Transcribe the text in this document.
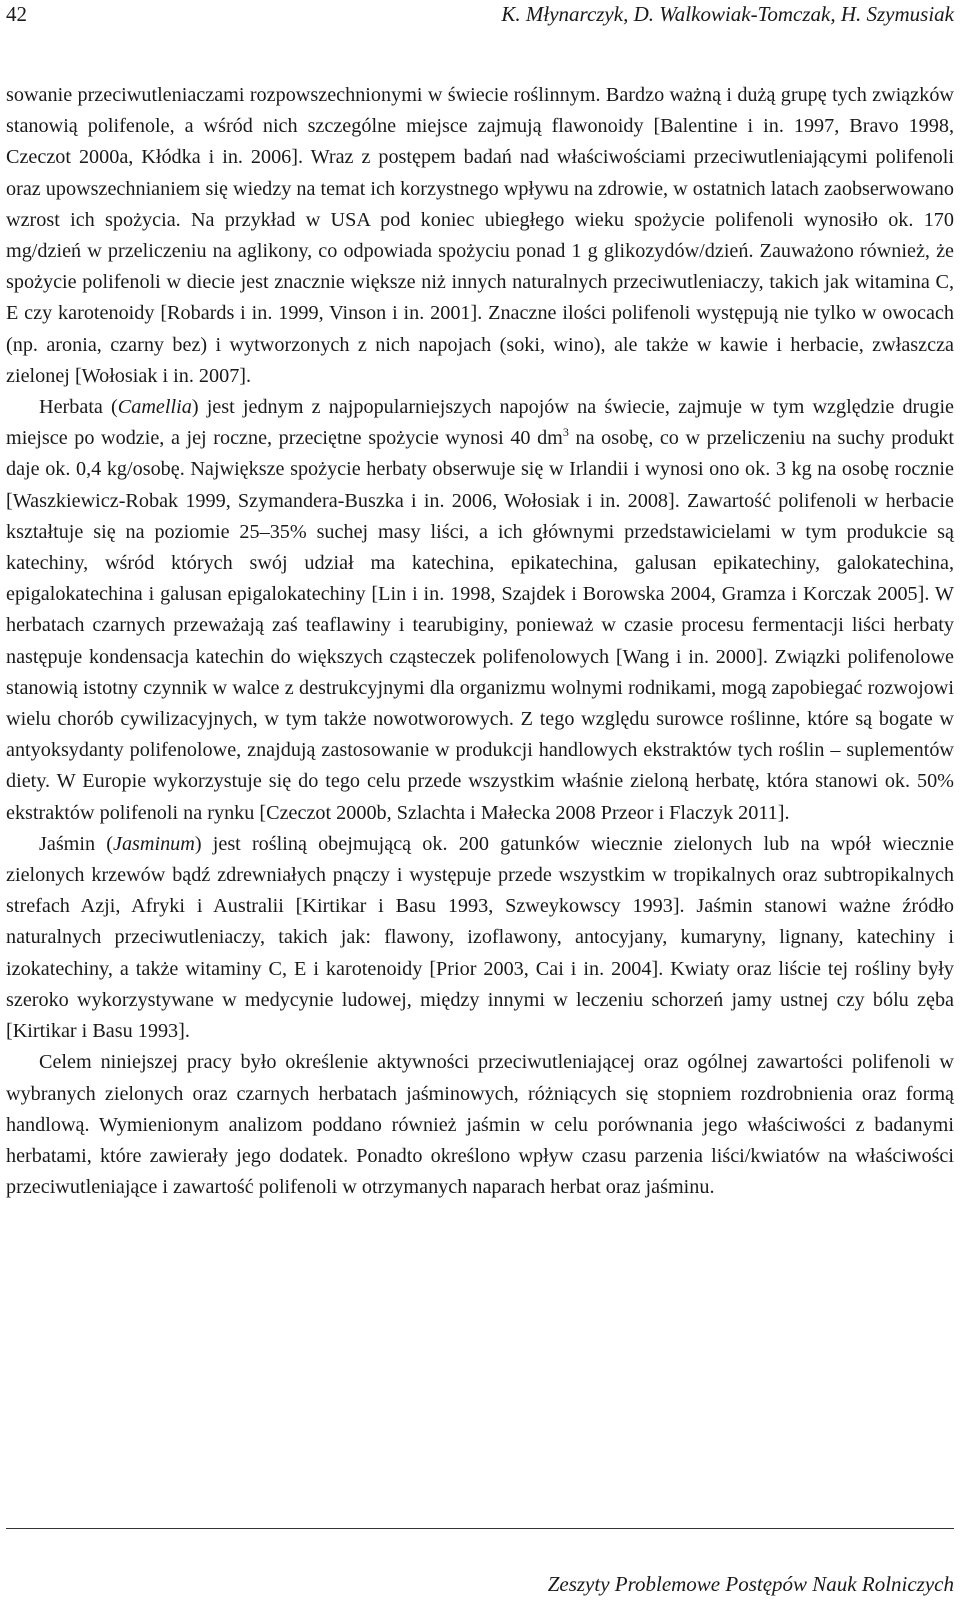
42	K. Młynarczyk, D. Walkowiak-Tomczak, H. Szymusiak

sowanie przeciwutleniaczami rozpowszechnionymi w świecie roślinnym. Bardzo ważną i dużą grupę tych związków stanowią polifenole, a wśród nich szczególne miejsce zajmują flawonoidy [Balentine i in. 1997, Bravo 1998, Czeczot 2000a, Kłódka i in. 2006]. Wraz z postępem badań nad właściwościami przeciwutleniającymi polifenoli oraz upowszechnianiem się wiedzy na temat ich korzystnego wpływu na zdrowie, w ostatnich latach zaobserwowano wzrost ich spożycia. Na przykład w USA pod koniec ubiegłego wieku spożycie polifenoli wynosiło ok. 170 mg/dzień w przeliczeniu na aglikony, co odpowiada spożyciu ponad 1 g glikozydów/dzień. Zauważono również, że spożycie polifenoli w diecie jest znacznie większe niż innych naturalnych przeciwutleniaczy, takich jak witamina C, E czy karotenoidy [Robards i in. 1999, Vinson i in. 2001]. Znaczne ilości polifenoli występują nie tylko w owocach (np. aronia, czarny bez) i wytworzonych z nich napojach (soki, wino), ale także w kawie i herbacie, zwłaszcza zielonej [Wołosiak i in. 2007].

Herbata (Camellia) jest jednym z najpopularniejszych napojów na świecie, zajmuje w tym względzie drugie miejsce po wodzie, a jej roczne, przeciętne spożycie wynosi 40 $dm^3$ na osobę, co w przeliczeniu na suchy produkt daje ok. 0,4 kg/osobę. Największe spożycie herbaty obserwuje się w Irlandii i wynosi ono ok. 3 kg na osobę rocznie [Waszkiewicz-Robak 1999, Szymandera-Buszka i in. 2006, Wołosiak i in. 2008]. Zawartość polifenoli w herbacie kształtuje się na poziomie 25–35% suchej masy liści, a ich głównymi przedstawicielami w tym produkcie są katechiny, wśród których swój udział ma katechina, epikatechina, galusan epikatechiny, galokatechina, epigalokatechina i galusan epigalokatechiny [Lin i in. 1998, Szajdek i Borowska 2004, Gramza i Korczak 2005]. W herbatach czarnych przeważają zaś teaflawiny i tearubiginy, ponieważ w czasie procesu fermentacji liści herbaty następuje kondensacja katechin do większych cząsteczek polifenolowych [Wang i in. 2000]. Związki polifenolowe stanowią istotny czynnik w walce z destrukcyjnymi dla organizmu wolnymi rodnikami, mogą zapobiegać rozwojowi wielu chorób cywilizacyjnych, w tym także nowotworowych. Z tego względu surowce roślinne, które są bogate w antyoksydanty polifenolowe, znajdują zastosowanie w produkcji handlowych ekstraktów tych roślin – suplementów diety. W Europie wykorzystuje się do tego celu przede wszystkim właśnie zieloną herbatę, która stanowi ok. 50% ekstraktów polifenoli na rynku [Czeczot 2000b, Szlachta i Małecka 2008 Przeor i Flaczyk 2011].

Jaśmin (Jasminum) jest rośliną obejmującą ok. 200 gatunków wiecznie zielonych lub na wpół wiecznie zielonych krzewów bądź zdrewniałych pnączy i występuje przede wszystkim w tropikalnych oraz subtropikalnych strefach Azji, Afryki i Australii [Kirtikar i Basu 1993, Szweykowscy 1993]. Jaśmin stanowi ważne źródło naturalnych przeciwutleniaczy, takich jak: flawony, izoflawony, antocyjany, kumaryny, lignany, katechiny i izokatechiny, a także witaminy C, E i karotenoidy [Prior 2003, Cai i in. 2004]. Kwiaty oraz liście tej rośliny były szeroko wykorzystywane w medycynie ludowej, między innymi w leczeniu schorzeń jamy ustnej czy bólu zęba [Kirtikar i Basu 1993].

Celem niniejszej pracy było określenie aktywności przeciwutleniającej oraz ogólnej zawartości polifenoli w wybranych zielonych oraz czarnych herbatach jaśminowych, różniących się stopniem rozdrobnienia oraz formą handlową. Wymienionym analizom poddano również jaśmin w celu porównania jego właściwości z badanymi herbatami, które zawierały jego dodatek. Ponadto określono wpływ czasu parzenia liści/kwiatów na właściwości przeciwutleniające i zawartość polifenoli w otrzymanych naparach herbat oraz jaśminu.

Zeszyty Problemowe Postępów Nauk Rolniczych
